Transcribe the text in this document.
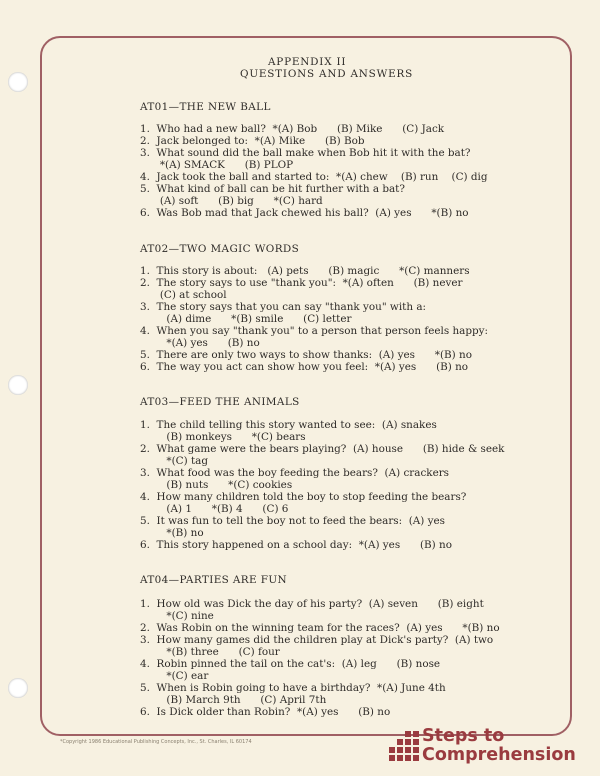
APPENDIX II
QUESTIONS AND ANSWERS
AT01—THE NEW BALL
1.  Who had a new ball?  *(A) Bob      (B) Mike      (C) Jack
2.  Jack belonged to:  *(A) Mike      (B) Bob
3.  What sound did the ball make when Bob hit it with the bat?
*(A) SMACK      (B) PLOP
4.  Jack took the ball and started to:  *(A) chew    (B) run    (C) dig
5.  What kind of ball can be hit further with a bat?
(A) soft      (B) big      *(C) hard
6.  Was Bob mad that Jack chewed his ball?  (A) yes      *(B) no
AT02—TWO MAGIC WORDS
1.  This story is about:   (A) pets      (B) magic      *(C) manners
2.  The story says to use "thank you":  *(A) often      (B) never
(C) at school
3.  The story says that you can say "thank you" with a:
(A) dime      *(B) smile      (C) letter
4.  When you say "thank you" to a person that person feels happy:
*(A) yes      (B) no
5.  There are only two ways to show thanks:  (A) yes      *(B) no
6.  The way you act can show how you feel:  *(A) yes      (B) no
AT03—FEED THE ANIMALS
1.  The child telling this story wanted to see:  (A) snakes
(B) monkeys      *(C) bears
2.  What game were the bears playing?  (A) house      (B) hide & seek
*(C) tag
3.  What food was the boy feeding the bears?  (A) crackers
(B) nuts      *(C) cookies
4.  How many children told the boy to stop feeding the bears?
(A) 1      *(B) 4      (C) 6
5.  It was fun to tell the boy not to feed the bears:  (A) yes
*(B) no
6.  This story happened on a school day:  *(A) yes      (B) no
AT04—PARTIES ARE FUN
1.  How old was Dick the day of his party?  (A) seven      (B) eight
*(C) nine
2.  Was Robin on the winning team for the races?  (A) yes      *(B) no
3.  How many games did the children play at Dick's party?  (A) two
*(B) three      (C) four
4.  Robin pinned the tail on the cat's:  (A) leg      (B) nose
*(C) ear
5.  When is Robin going to have a birthday?  *(A) June 4th
(B) March 9th      (C) April 7th
6.  Is Dick older than Robin?  *(A) yes      (B) no
*Copyright 1986 Educational Publishing Concepts, Inc., St. Charles, IL 60174	Steps to
Comprehension
